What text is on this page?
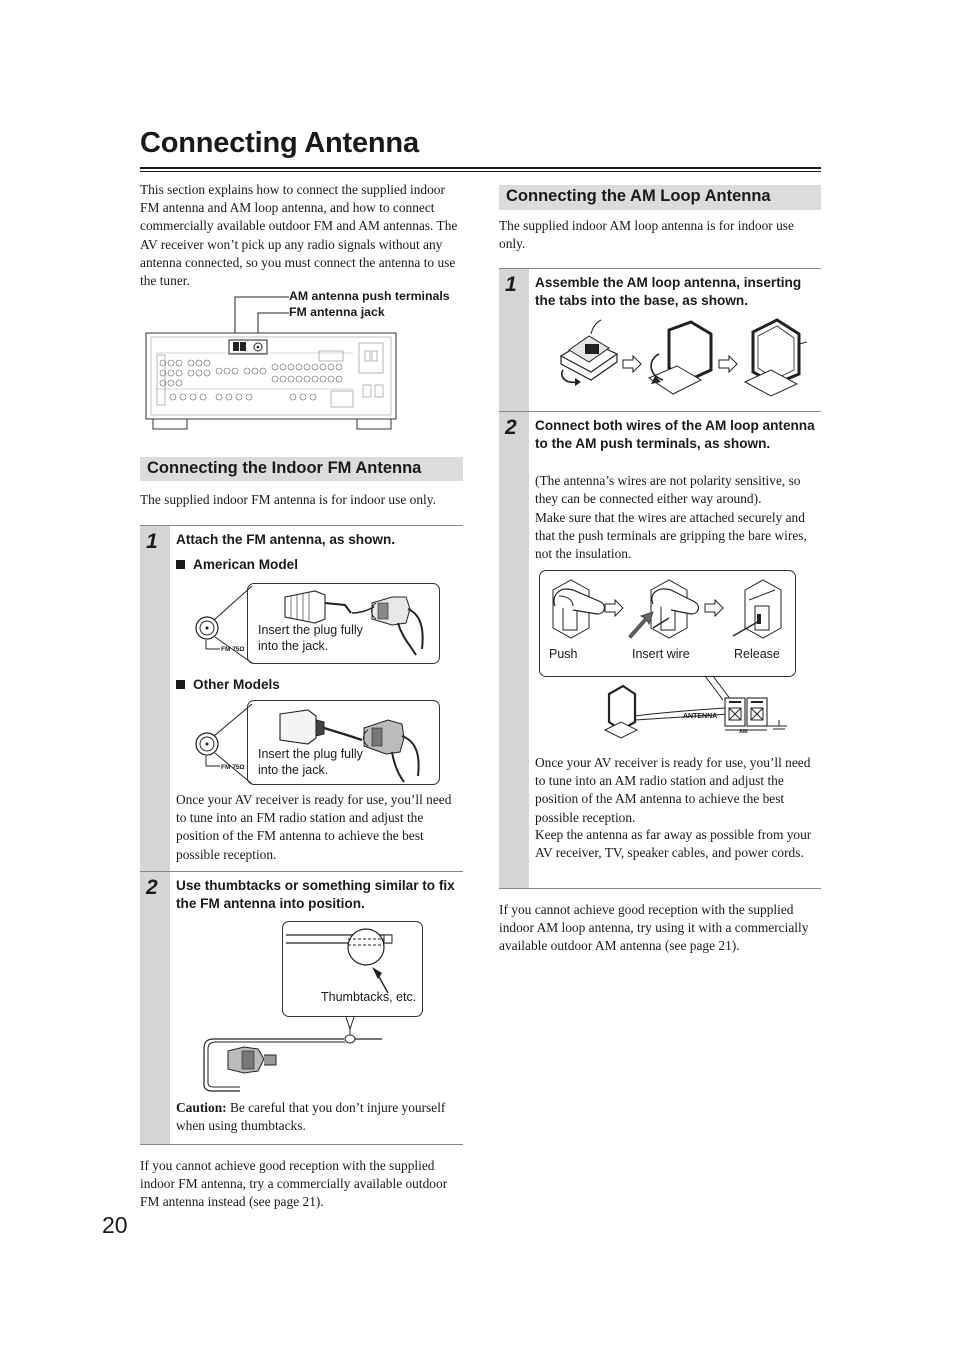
Connecting Antenna

This section explains how to connect the supplied indoor FM antenna and AM loop antenna, and how to connect commercially available outdoor FM and AM antennas. The AV receiver won’t pick up any radio signals without any antenna connected, so you must connect the antenna to use the tuner.

AM antenna push terminals
FM antenna jack
Connecting the Indoor FM Antenna

The supplied indoor FM antenna is for indoor use only.

1 Attach the FM antenna, as shown.
American Model
Insert the plug fully
into the jack.
FM 75Ω
Other Models
Insert the plug fully
into the jack.
FM 75Ω

Once your AV receiver is ready for use, you’ll need to tune into an FM radio station and adjust the position of the FM antenna to achieve the best possible reception.

2 Use thumbtacks or something similar to fix the FM antenna into position.
Thumbtacks, etc.

Caution: Be careful that you don’t injure yourself when using thumbtacks.

If you cannot achieve good reception with the supplied indoor FM antenna, try a commercially available outdoor FM antenna instead (see page 21).

20
Connecting the AM Loop Antenna

The supplied indoor AM loop antenna is for indoor use only.

1 Assemble the AM loop antenna, inserting the tabs into the base, as shown.
2 Connect both wires of the AM loop antenna to the AM push terminals, as shown.

(The antenna’s wires are not polarity sensitive, so they can be connected either way around).

Make sure that the wires are attached securely and that the push terminals are gripping the bare wires, not the insulation.

Push	Insert wire	Release
ANTENNA
AM

Once your AV receiver is ready for use, you’ll need to tune into an AM radio station and adjust the position of the AM antenna to achieve the best possible reception.

Keep the antenna as far away as possible from your AV receiver, TV, speaker cables, and power cords.

If you cannot achieve good reception with the supplied indoor AM loop antenna, try using it with a commercially available outdoor AM antenna (see page 21).
